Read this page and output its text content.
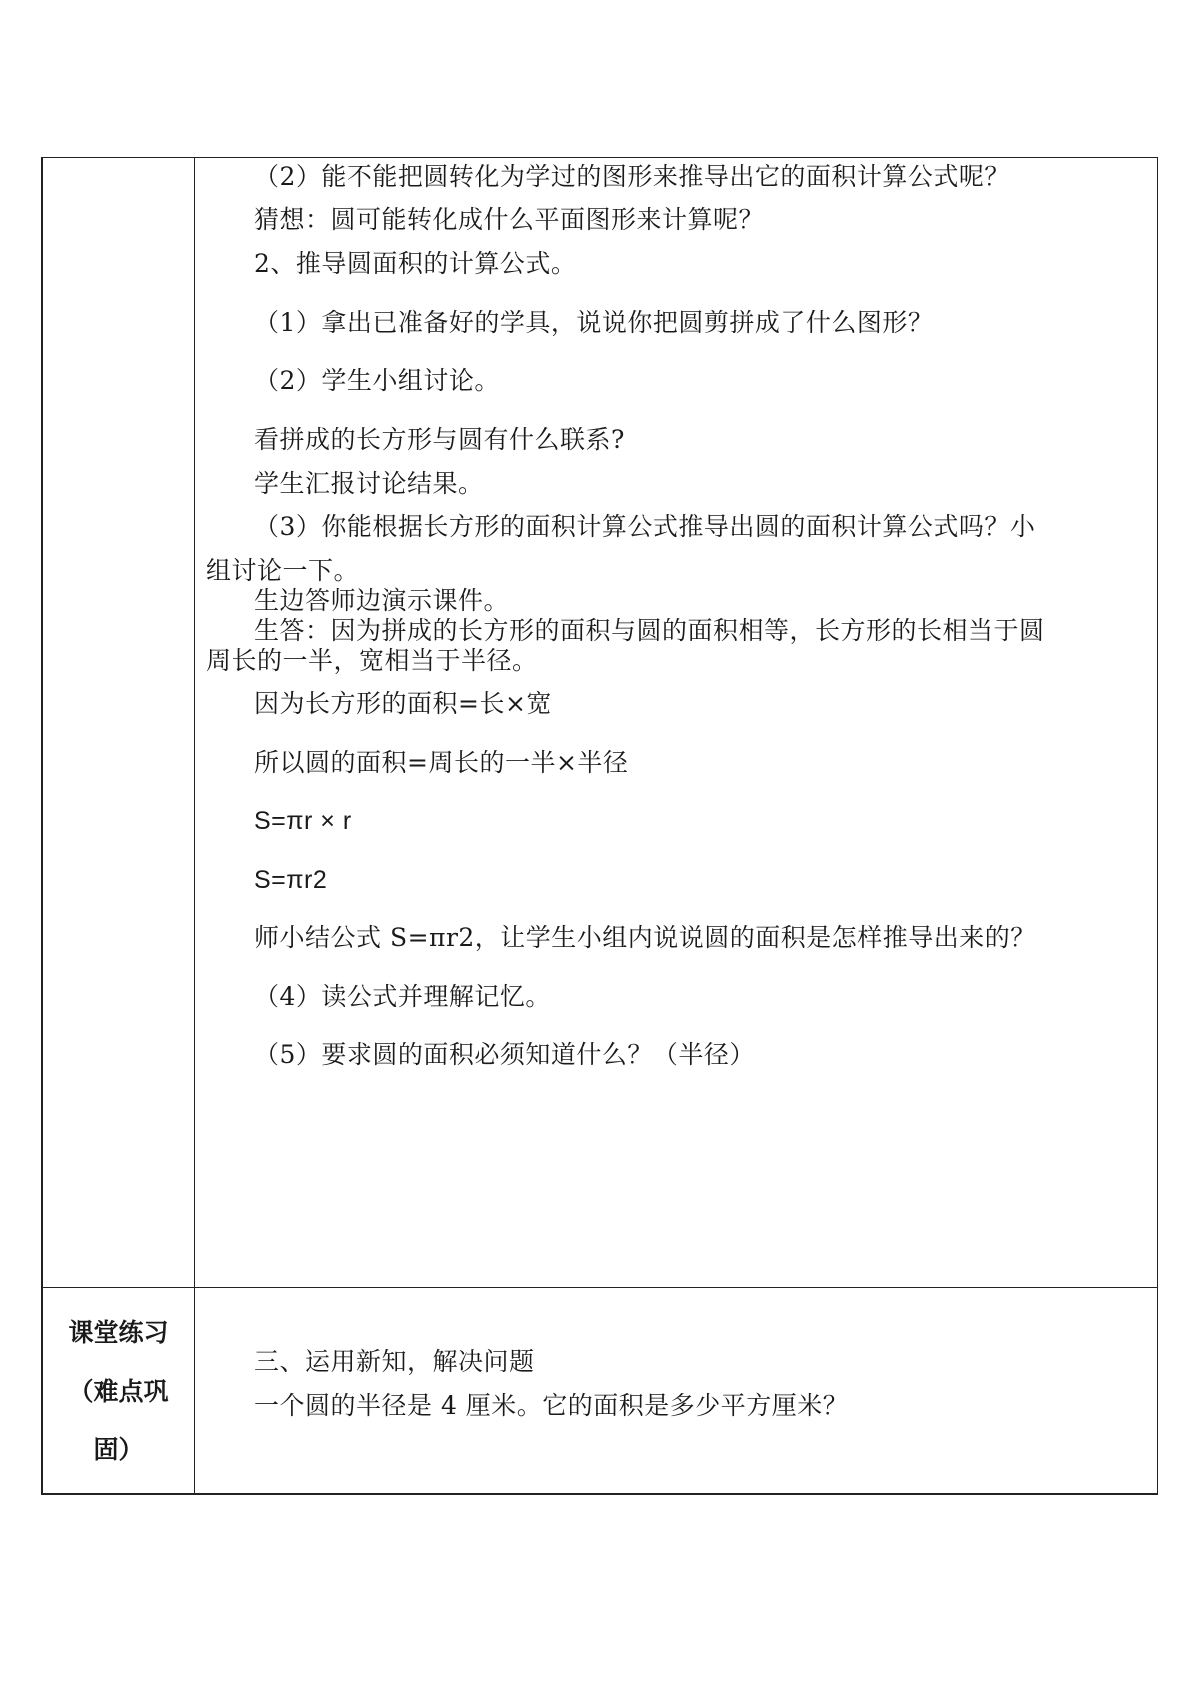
（2）能不能把圆转化为学过的图形来推导出它的面积计算公式呢？
猜想：圆可能转化成什么平面图形来计算呢？
2、推导圆面积的计算公式。
（1）拿出已准备好的学具，说说你把圆剪拼成了什么图形？
（2）学生小组讨论。
看拼成的长方形与圆有什么联系?
学生汇报讨论结果。
（3）你能根据长方形的面积计算公式推导出圆的面积计算公式吗？小
组讨论一下。
生边答师边演示课件。
生答：因为拼成的长方形的面积与圆的面积相等，长方形的长相当于圆
周长的一半，宽相当于半径。
因为长方形的面积=长×宽
所以圆的面积=周长的一半×半径
S=πr × r
S=πr2
师小结公式 S=πr2，让学生小组内说说圆的面积是怎样推导出来的？
（4）读公式并理解记忆。
（5）要求圆的面积必须知道什么？（半径）
课堂练习
（难点巩
固）
三、运用新知，解决问题
一个圆的半径是 4 厘米。它的面积是多少平方厘米？
